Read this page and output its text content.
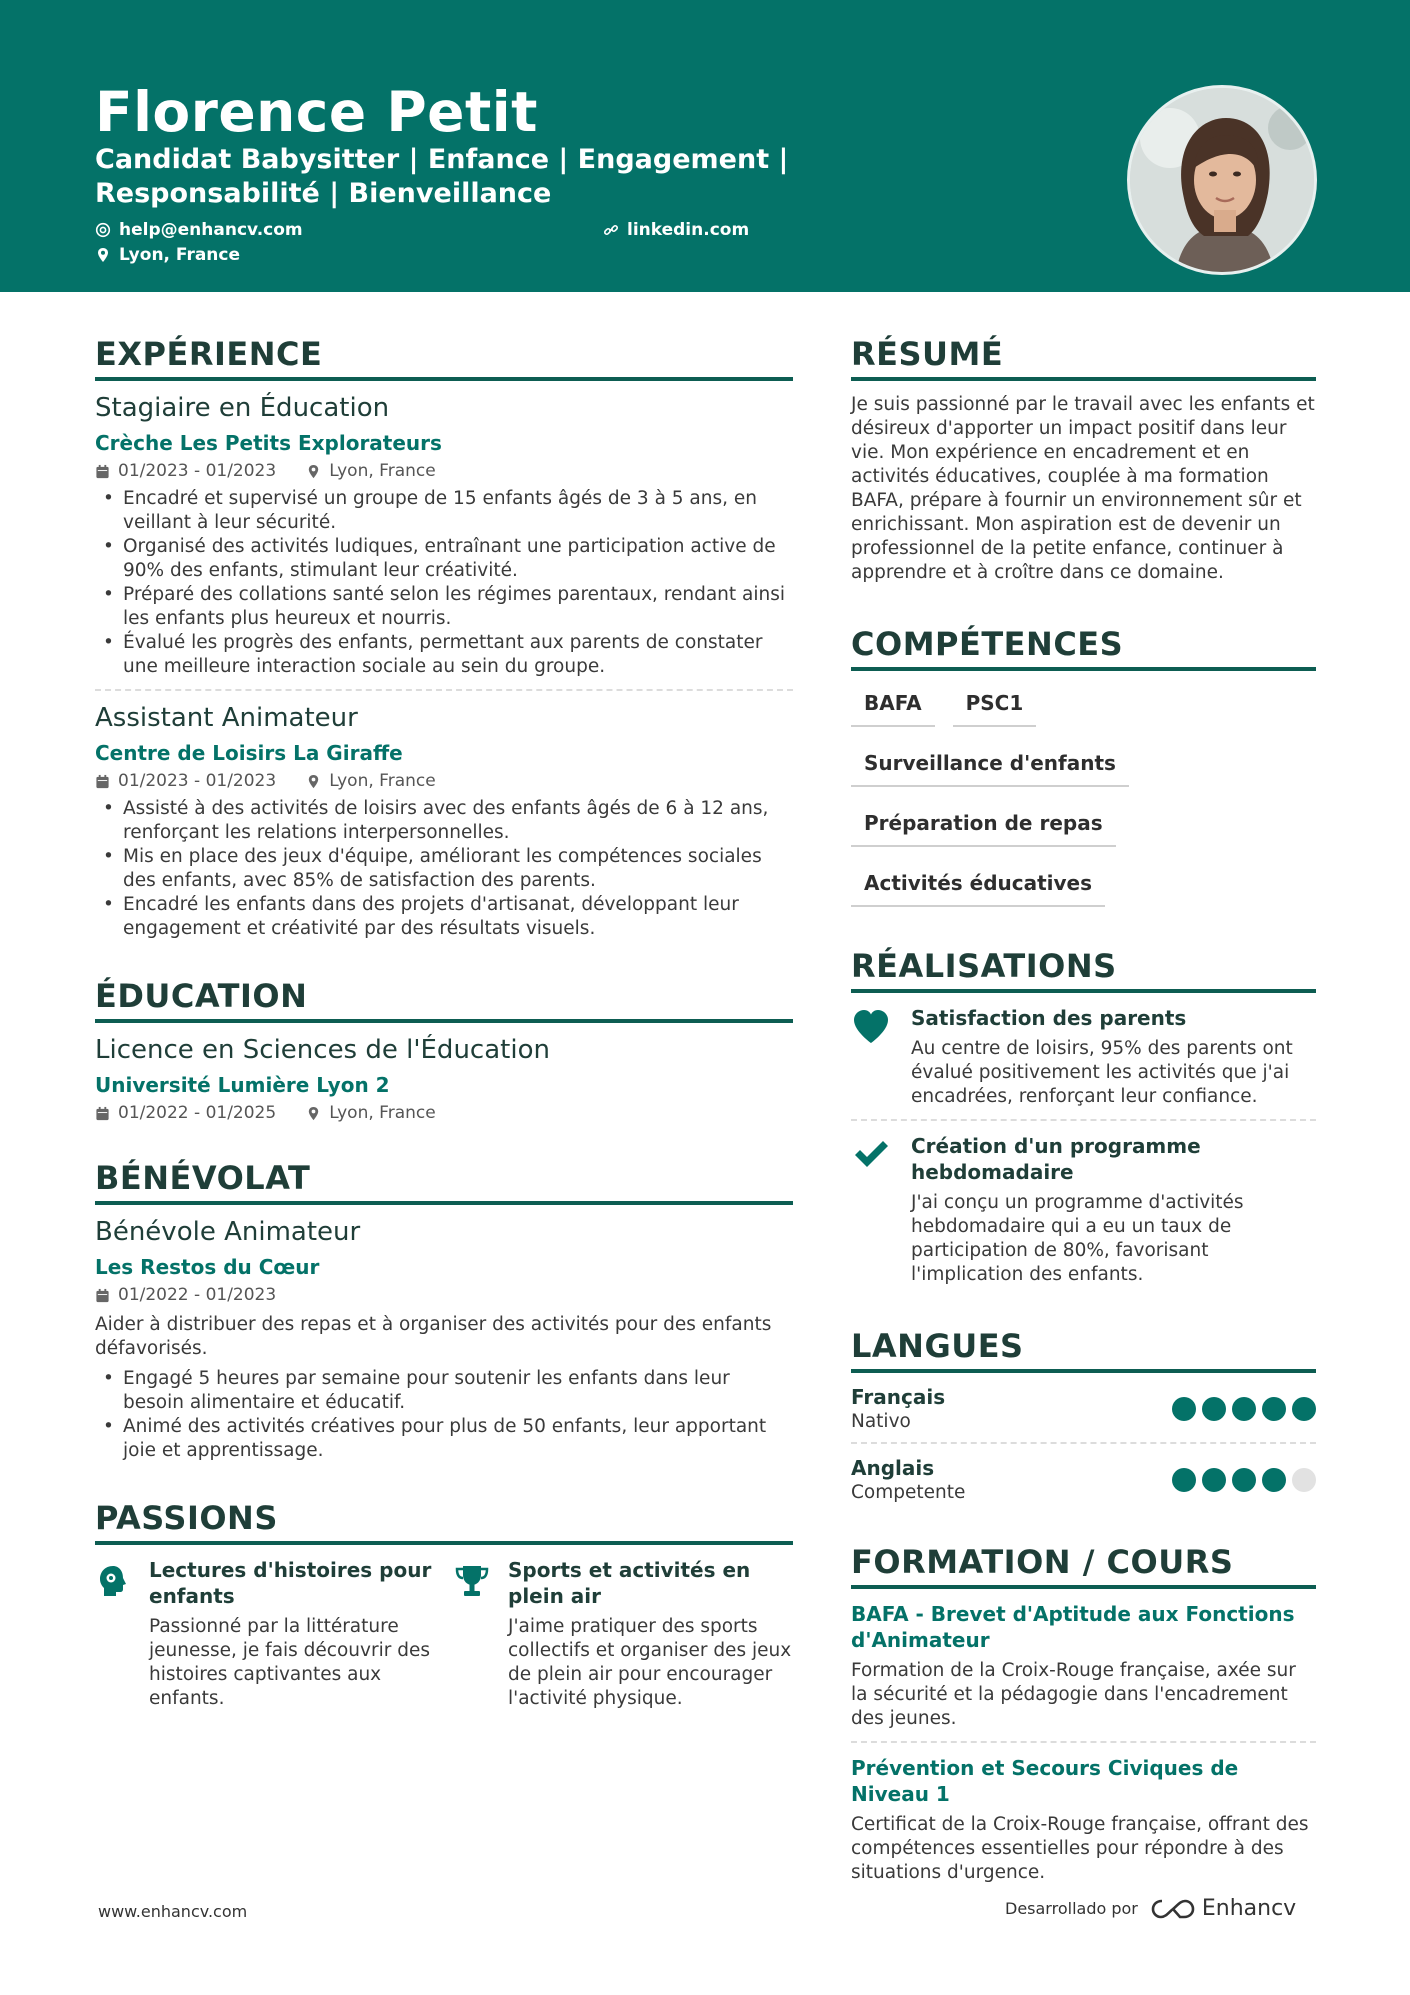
Florence Petit
Candidat Babysitter | Enfance | Engagement | Responsabilité | Bienveillance
help@enhancv.com	linkedin.com
Lyon, France
EXPÉRIENCE
Stagiaire en Éducation
Crèche Les Petits Explorateurs
01/2023 - 01/2023	Lyon, France
• Encadré et supervisé un groupe de 15 enfants âgés de 3 à 5 ans, en veillant à leur sécurité.
• Organisé des activités ludiques, entraînant une participation active de 90% des enfants, stimulant leur créativité.
• Préparé des collations santé selon les régimes parentaux, rendant ainsi les enfants plus heureux et nourris.
• Évalué les progrès des enfants, permettant aux parents de constater une meilleure interaction sociale au sein du groupe.
Assistant Animateur
Centre de Loisirs La Giraffe
01/2023 - 01/2023	Lyon, France
• Assisté à des activités de loisirs avec des enfants âgés de 6 à 12 ans, renforçant les relations interpersonnelles.
• Mis en place des jeux d'équipe, améliorant les compétences sociales des enfants, avec 85% de satisfaction des parents.
• Encadré les enfants dans des projets d'artisanat, développant leur engagement et créativité par des résultats visuels.
ÉDUCATION
Licence en Sciences de l'Éducation
Université Lumière Lyon 2
01/2022 - 01/2025	Lyon, France
BÉNÉVOLAT
Bénévole Animateur
Les Restos du Cœur
01/2022 - 01/2023
Aider à distribuer des repas et à organiser des activités pour des enfants défavorisés.
• Engagé 5 heures par semaine pour soutenir les enfants dans leur besoin alimentaire et éducatif.
• Animé des activités créatives pour plus de 50 enfants, leur apportant joie et apprentissage.
PASSIONS
Lectures d'histoires pour enfants
Passionné par la littérature jeunesse, je fais découvrir des histoires captivantes aux enfants.
Sports et activités en plein air
J'aime pratiquer des sports collectifs et organiser des jeux de plein air pour encourager l'activité physique.
RÉSUMÉ
Je suis passionné par le travail avec les enfants et désireux d'apporter un impact positif dans leur vie. Mon expérience en encadrement et en activités éducatives, couplée à ma formation BAFA, prépare à fournir un environnement sûr et enrichissant. Mon aspiration est de devenir un professionnel de la petite enfance, continuer à apprendre et à croître dans ce domaine.
COMPÉTENCES
BAFA	PSC1
Surveillance d'enfants
Préparation de repas
Activités éducatives
RÉALISATIONS
Satisfaction des parents
Au centre de loisirs, 95% des parents ont évalué positivement les activités que j'ai encadrées, renforçant leur confiance.
Création d'un programme hebdomadaire
J'ai conçu un programme d'activités hebdomadaire qui a eu un taux de participation de 80%, favorisant l'implication des enfants.
LANGUES
Français
Nativo
Anglais
Competente
FORMATION / COURS
BAFA - Brevet d'Aptitude aux Fonctions d'Animateur
Formation de la Croix-Rouge française, axée sur la sécurité et la pédagogie dans l'encadrement des jeunes.
Prévention et Secours Civiques de Niveau 1
Certificat de la Croix-Rouge française, offrant des compétences essentielles pour répondre à des situations d'urgence.
www.enhancv.com	Desarrollado por	Enhancv
